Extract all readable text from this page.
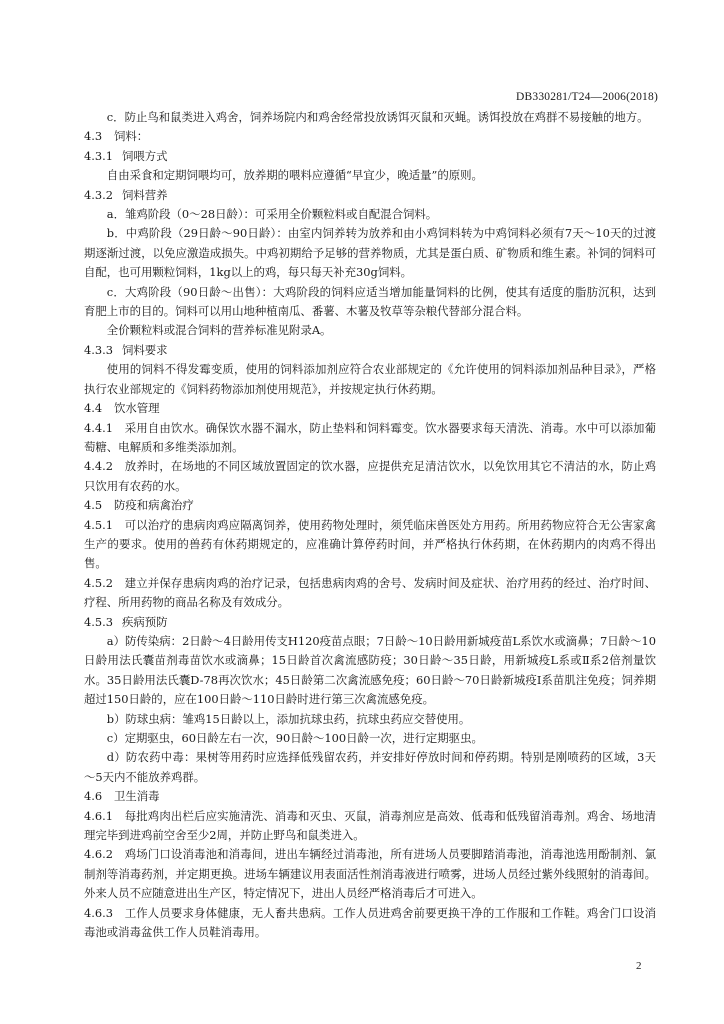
DB330281/T24—2006(2018)

c．防止鸟和鼠类进入鸡舍，饲养场院内和鸡舍经常投放诱饵灭鼠和灭蝇。诱饵投放在鸡群不易接触的地方。

4.3 饲料：
4.3.1 饲喂方式

自由采食和定期饲喂均可，放养期的喂料应遵循“早宜少，晚适量”的原则。

4.3.2 饲料营养

a．雏鸡阶段（0～28日龄）：可采用全价颗粒料或自配混合饲料。

b．中鸡阶段（29日龄～90日龄）：由室内饲养转为放养和由小鸡饲料转为中鸡饲料必须有7天～10天的过渡期逐渐过渡，以免应激造成损失。中鸡初期给予足够的营养物质，尤其是蛋白质、矿物质和维生素。补饲的饲料可自配，也可用颗粒饲料，1kg以上的鸡，每只每天补充30g饲料。

c．大鸡阶段（90日龄～出售）：大鸡阶段的饲料应适当增加能量饲料的比例，使其有适度的脂肪沉积，达到育肥上市的目的。饲料可以用山地种植南瓜、番薯、木薯及牧草等杂粮代替部分混合料。

全价颗粒料或混合饲料的营养标准见附录A。

4.3.3 饲料要求

使用的饲料不得发霉变质，使用的饲料添加剂应符合农业部规定的《允许使用的饲料添加剂品种目录》，严格执行农业部规定的《饲料药物添加剂使用规范》，并按规定执行休药期。

4.4 饮水管理

4.4.1　采用自由饮水。确保饮水器不漏水，防止垫料和饲料霉变。饮水器要求每天清洗、消毒。水中可以添加葡萄糖、电解质和多维类添加剂。

4.4.2　放养时，在场地的不同区域放置固定的饮水器，应提供充足清洁饮水，以免饮用其它不清洁的水，防止鸡只饮用有农药的水。

4.5 防疫和病禽治疗

4.5.1　可以治疗的患病肉鸡应隔离饲养，使用药物处理时，须凭临床兽医处方用药。所用药物应符合无公害家禽生产的要求。使用的兽药有休药期规定的，应准确计算停药时间，并严格执行休药期，在休药期内的肉鸡不得出售。

4.5.2　建立并保存患病肉鸡的治疗记录，包括患病肉鸡的舍号、发病时间及症状、治疗用药的经过、治疗时间、疗程、所用药物的商品名称及有效成分。

4.5.3 疾病预防

a）防传染病：2日龄～4日龄用传支H120疫苗点眼；7日龄～10日龄用新城疫苗L系饮水或滴鼻；7日龄～10日龄用法氏囊苗剂毒苗饮水或滴鼻；15日龄首次禽流感防疫；30日龄～35日龄，用新城疫L系或Ⅱ系2倍剂量饮水。35日龄用法氏囊D-78再次饮水；45日龄第二次禽流感免疫；60日龄～70日龄新城疫Ⅰ系苗肌注免疫；饲养期超过150日龄的，应在100日龄～110日龄时进行第三次禽流感免疫。

b）防球虫病：雏鸡15日龄以上，添加抗球虫药，抗球虫药应交替使用。

c）定期驱虫，60日龄左右一次，90日龄～100日龄一次，进行定期驱虫。

d）防农药中毒：果树等用药时应选择低残留农药，并安排好停放时间和停药期。特别是刚喷药的区域，3天～5天内不能放养鸡群。

4.6 卫生消毒

4.6.1　每批鸡肉出栏后应实施清洗、消毒和灭虫、灭鼠，消毒剂应是高效、低毒和低残留消毒剂。鸡舍、场地清理完毕到进鸡前空舍至少2周，并防止野鸟和鼠类进入。

4.6.2　鸡场门口设消毒池和消毒间，进出车辆经过消毒池，所有进场人员要脚踏消毒池，消毒池选用酚制剂、氯制剂等消毒药剂，并定期更换。进场车辆建议用表面活性剂消毒液进行喷雾，进场人员经过紫外线照射的消毒间。外来人员不应随意进出生产区，特定情况下，进出人员经严格消毒后才可进入。

4.6.3　工作人员要求身体健康，无人畜共患病。工作人员进鸡舍前要更换干净的工作服和工作鞋。鸡舍门口设消毒池或消毒盆供工作人员鞋消毒用。

2
